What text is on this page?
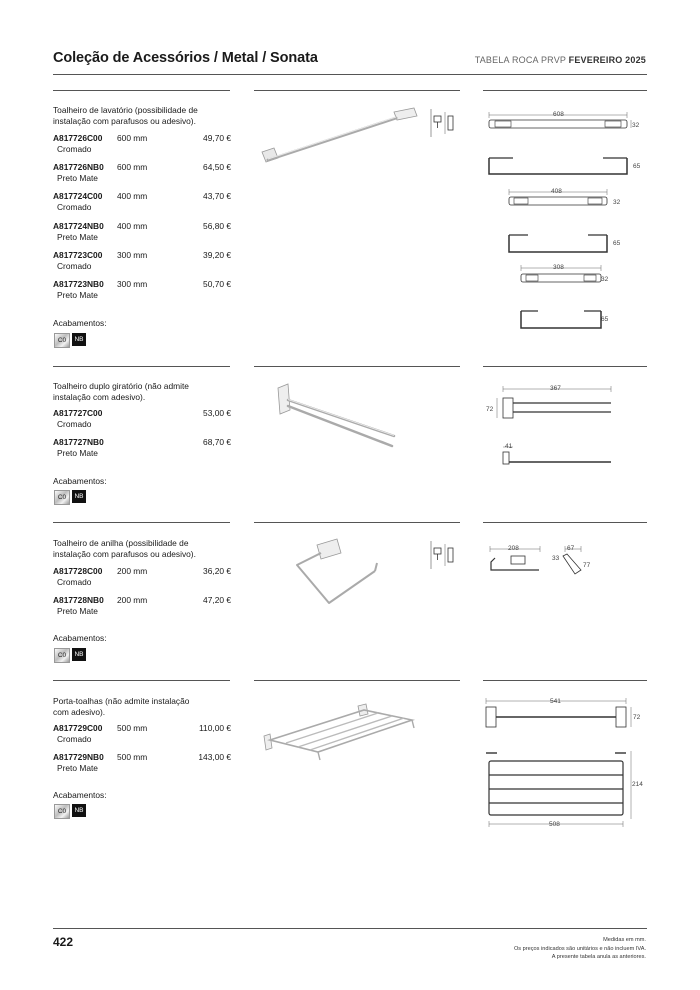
Coleção de Acessórios / Metal / Sonata	TABELA ROCA PRVP FEVEREIRO 2025
Toalheiro de lavatório (possibilidade de
instalação com parafusos ou adesivo).
A817726C00 600 mm	49,70 €
Cromado
A817726NB0 600 mm	64,50 €
Preto Mate
A817724C00 400 mm	43,70 €
Cromado
A817724NB0 400 mm	56,80 €
Preto Mate
A817723C00 300 mm	39,20 €
Cromado
A817723NB0 300 mm	50,70 €
Preto Mate
Acabamentos:
C0	NB
608
32
65
408
32
65
308
32
65
Toalheiro duplo giratório (não admite
instalação com adesivo).
A817727C00	53,00 €
Cromado
A817727NB0	68,70 €
Preto Mate
Acabamentos:
C0	NB
367
72
41
Toalheiro de anilha (possibilidade de
instalação com parafusos ou adesivo).
A817728C00 200 mm	36,20 €
Cromado
A817728NB0 200 mm	47,20 €
Preto Mate
Acabamentos:
C0	NB
208	67
33
77
Porta-toalhas (não admite instalação
com adesivo).
A817729C00 500 mm	110,00 €
Cromado
A817729NB0 500 mm	143,00 €
Preto Mate
Acabamentos:
C0	NB
541
72
214
508
422	Medidas em mm.
Os preços indicados são unitários e não incluem IVA.
A presente tabela anula as anteriores.
